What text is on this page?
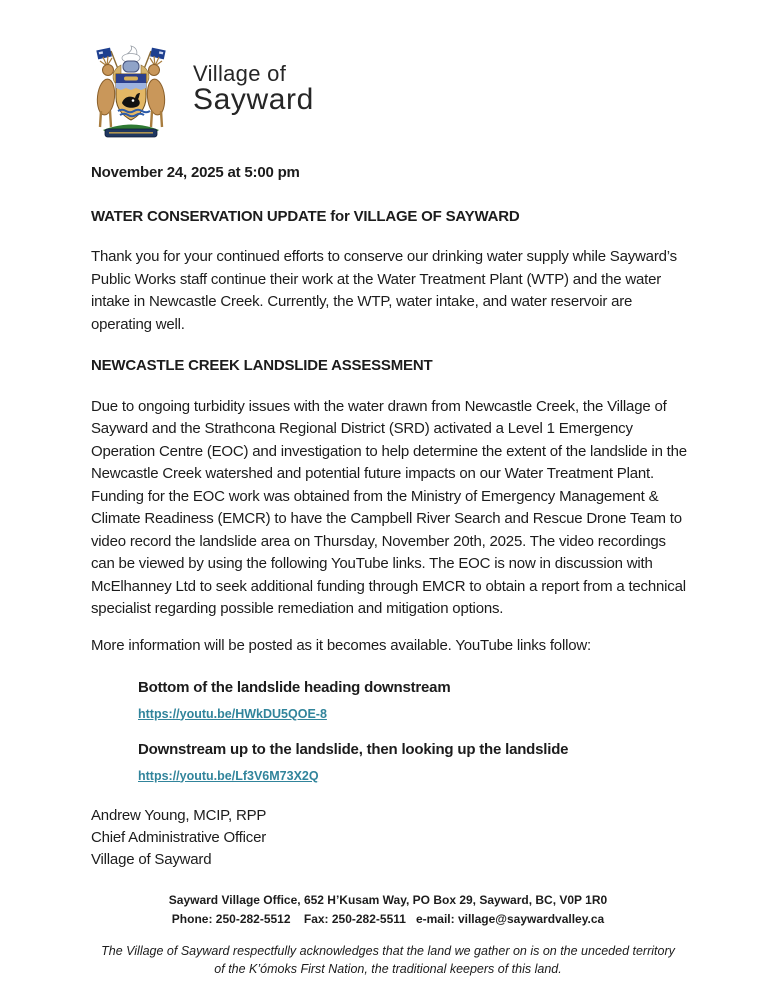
Village of
Sayward
November 24, 2025 at 5:00 pm
WATER CONSERVATION UPDATE for VILLAGE OF SAYWARD
Thank you for your continued efforts to conserve our drinking water supply while Sayward’s Public Works staff continue their work at the Water Treatment Plant (WTP) and the water intake in Newcastle Creek. Currently, the WTP, water intake, and water reservoir are operating well.
NEWCASTLE CREEK LANDSLIDE ASSESSMENT
Due to ongoing turbidity issues with the water drawn from Newcastle Creek, the Village of Sayward and the Strathcona Regional District (SRD) activated a Level 1 Emergency Operation Centre (EOC) and investigation to help determine the extent of the landslide in the Newcastle Creek watershed and potential future impacts on our Water Treatment Plant.  Funding for the EOC work was obtained from the Ministry of Emergency Management & Climate Readiness (EMCR) to have the Campbell River Search and Rescue Drone Team to video record the landslide area on Thursday, November 20th, 2025. The video recordings can be viewed by using the following YouTube links. The EOC is now in discussion with McElhanney Ltd to seek additional funding through EMCR to obtain a report from a technical specialist regarding possible remediation and mitigation options.
More information will be posted as it becomes available. YouTube links follow:
Bottom of the landslide heading downstream
https://youtu.be/HWkDU5QOE-8
Downstream up to the landslide, then looking up the landslide
https://youtu.be/Lf3V6M73X2Q
Andrew Young, MCIP, RPP
Chief Administrative Officer
Village of Sayward
Sayward Village Office, 652 H’Kusam Way, PO Box 29, Sayward, BC, V0P 1R0
Phone: 250-282-5512    Fax: 250-282-5511   e-mail: village@saywardvalley.ca
The Village of Sayward respectfully acknowledges that the land we gather on is on the unceded territory of the K’ómoks First Nation, the traditional keepers of this land.
